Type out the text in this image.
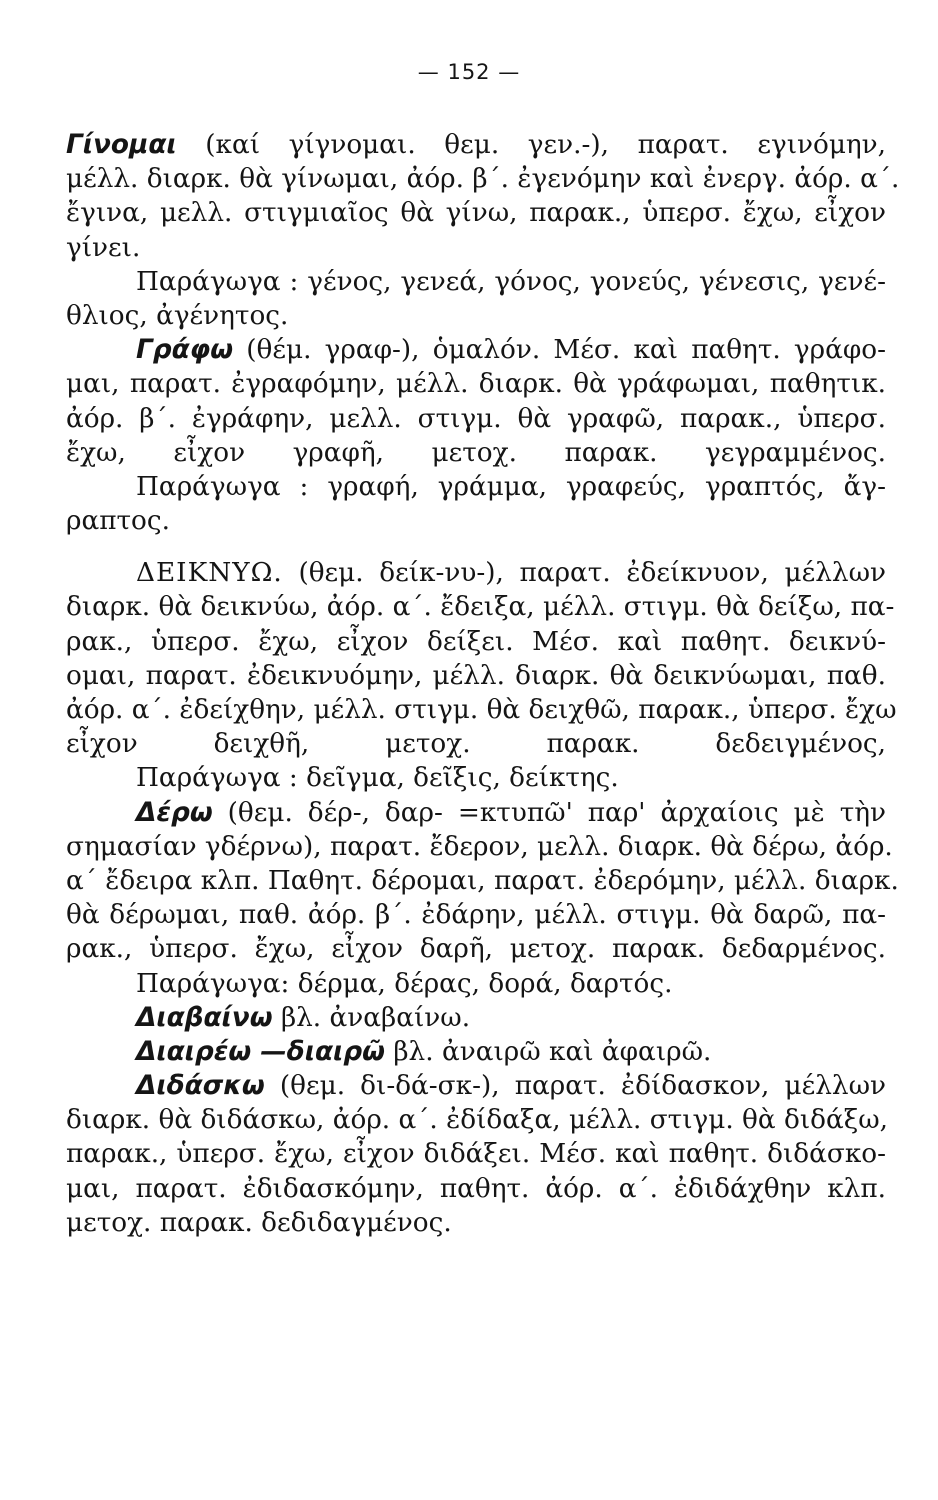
— 152 —
Γίνομαι (καί γίγνομαι. θεμ. γεν.-), παρατ. εγινόμην,
μέλλ. διαρκ. θὰ γίνωμαι, ἀόρ. β΄. ἐγενόμην καὶ ἐνεργ. ἀόρ. α΄.
ἔγινα, μελλ. στιγμιαῖος θὰ γίνω, παρακ., ὑπερσ. ἔχω, εἶχον
γίνει.
Παράγωγα : γένος, γενεά, γόνος, γονεύς, γένεσις, γενέ-
θλιος, ἀγένητος.
Γράφω (θέμ. γραφ-), ὁμαλόν. Μέσ. καὶ παθητ. γράφο-
μαι, παρατ. ἐγραφόμην, μέλλ. διαρκ. θὰ γράφωμαι, παθητικ.
ἀόρ. β΄. ἐγράφην, μελλ. στιγμ. θὰ γραφῶ, παρακ., ὑπερσ.
ἔχω, εἶχον γραφῆ, μετοχ. παρακ. γεγραμμένος.
Παράγωγα : γραφή, γράμμα, γραφεύς, γραπτός, ἄγ-
ραπτος.
ΔΕΙΚΝΥΩ. (θεμ. δείκ-νυ-), παρατ. ἐδείκνυον, μέλλων
διαρκ. θὰ δεικνύω, ἀόρ. α΄. ἔδειξα, μέλλ. στιγμ. θὰ δείξω, πα-
ρακ., ὑπερσ. ἔχω, εἶχον δείξει. Μέσ. καὶ παθητ. δεικνύ-
ομαι, παρατ. ἐδεικνυόμην, μέλλ. διαρκ. θὰ δεικνύωμαι, παθ.
ἀόρ. α΄. ἐδείχθην, μέλλ. στιγμ. θὰ δειχθῶ, παρακ., ὑπερσ. ἔχω
εἶχον δειχθῆ, μετοχ. παρακ. δεδειγμένος,
Παράγωγα : δεῖγμα, δεῖξις, δείκτης.
Δέρω (θεμ. δέρ-, δαρ- =κτυπῶ' παρ' ἀρχαίοις μὲ τὴν
σημασίαν γδέρνω), παρατ. ἔδερον, μελλ. διαρκ. θὰ δέρω, ἀόρ.
α΄ ἔδειρα κλπ. Παθητ. δέρομαι, παρατ. ἐδερόμην, μέλλ. διαρκ.
θὰ δέρωμαι, παθ. ἀόρ. β΄. ἐδάρην, μέλλ. στιγμ. θὰ δαρῶ, πα-
ρακ., ὑπερσ. ἔχω, εἶχον δαρῆ, μετοχ. παρακ. δεδαρμένος.
Παράγωγα: δέρμα, δέρας, δορά, δαρτός.
Διαβαίνω βλ. ἀναβαίνω.
Διαιρέω —διαιρῶ βλ. ἀναιρῶ καὶ ἀφαιρῶ.
Διδάσκω (θεμ. δι-δά-σκ-), παρατ. ἐδίδασκον, μέλλων
διαρκ. θὰ διδάσκω, ἀόρ. α΄. ἐδίδαξα, μέλλ. στιγμ. θὰ διδάξω,
παρακ., ὑπερσ. ἔχω, εἶχον διδάξει. Μέσ. καὶ παθητ. διδάσκο-
μαι, παρατ. ἐδιδασκόμην, παθητ. ἀόρ. α΄. ἐδιδάχθην κλπ.
μετοχ. παρακ. δεδιδαγμένος.
